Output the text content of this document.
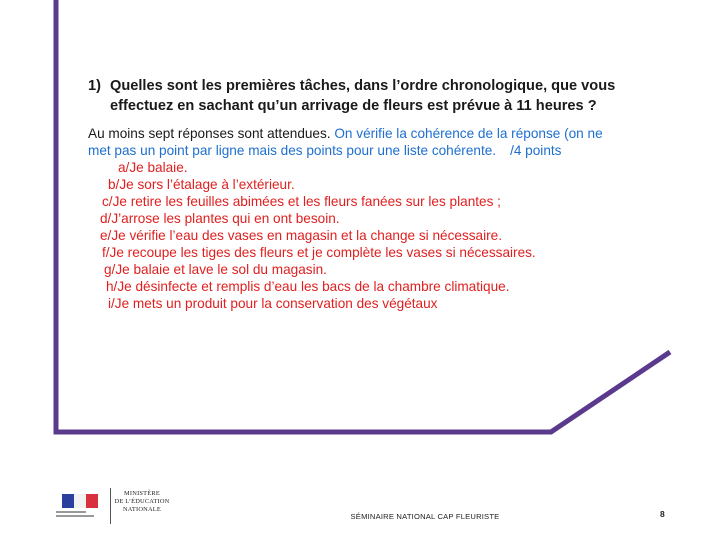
1) Quelles sont les premières tâches, dans l’ordre chronologique, que vous effectuez en sachant qu’un arrivage de fleurs est prévue à 11 heures ?
Au moins sept réponses sont attendues. On vérifie la cohérence de la réponse (on ne met pas un point par ligne mais des points pour une liste cohérente. /4 points
a/Je balaie.
b/Je sors l’étalage à l’extérieur.
c/Je retire les feuilles abimées et les fleurs fanées sur les plantes ;
d/J’arrose les plantes qui en ont besoin.
e/Je vérifie l’eau des vases en magasin et la change si nécessaire.
f/Je recoupe les tiges des fleurs et je complète les vases si nécessaires.
g/Je balaie et lave le sol du magasin.
h/Je désinfecte et remplis d’eau les bacs de la chambre climatique.
i/Je mets un produit pour la conservation des végétaux
MINISTÈRE
DE L’ÉDUCATION
NATIONALE
SÉMINAIRE NATIONAL CAP FLEURISTE	8
